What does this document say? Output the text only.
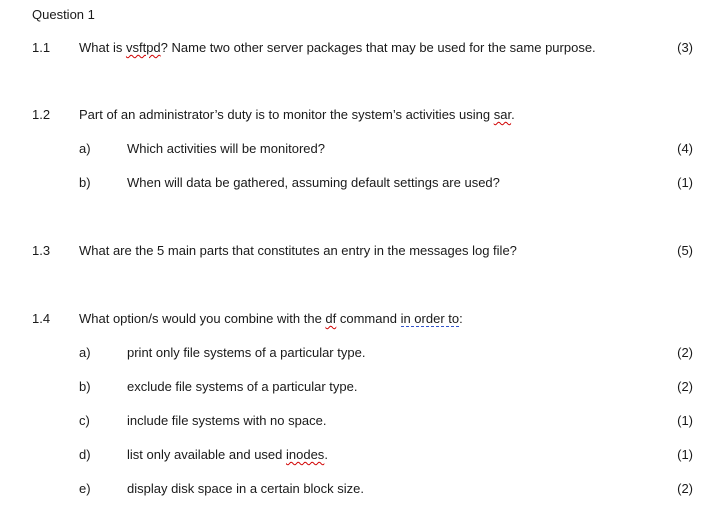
Question 1
1.1 What is vsftpd? Name two other server packages that may be used for the same purpose.	(3)
1.2 Part of an administrator’s duty is to monitor the system’s activities using sar.
a)	Which activities will be monitored?	(4)
b)	When will data be gathered, assuming default settings are used?	(1)
1.3 What are the 5 main parts that constitutes an entry in the messages log file?	(5)
1.4 What option/s would you combine with the df command in order to:
a)	print only file systems of a particular type.	(2)
b)	exclude file systems of a particular type.	(2)
c)	include file systems with no space.	(1)
d)	list only available and used inodes.	(1)
e)	display disk space in a certain block size.	(2)
